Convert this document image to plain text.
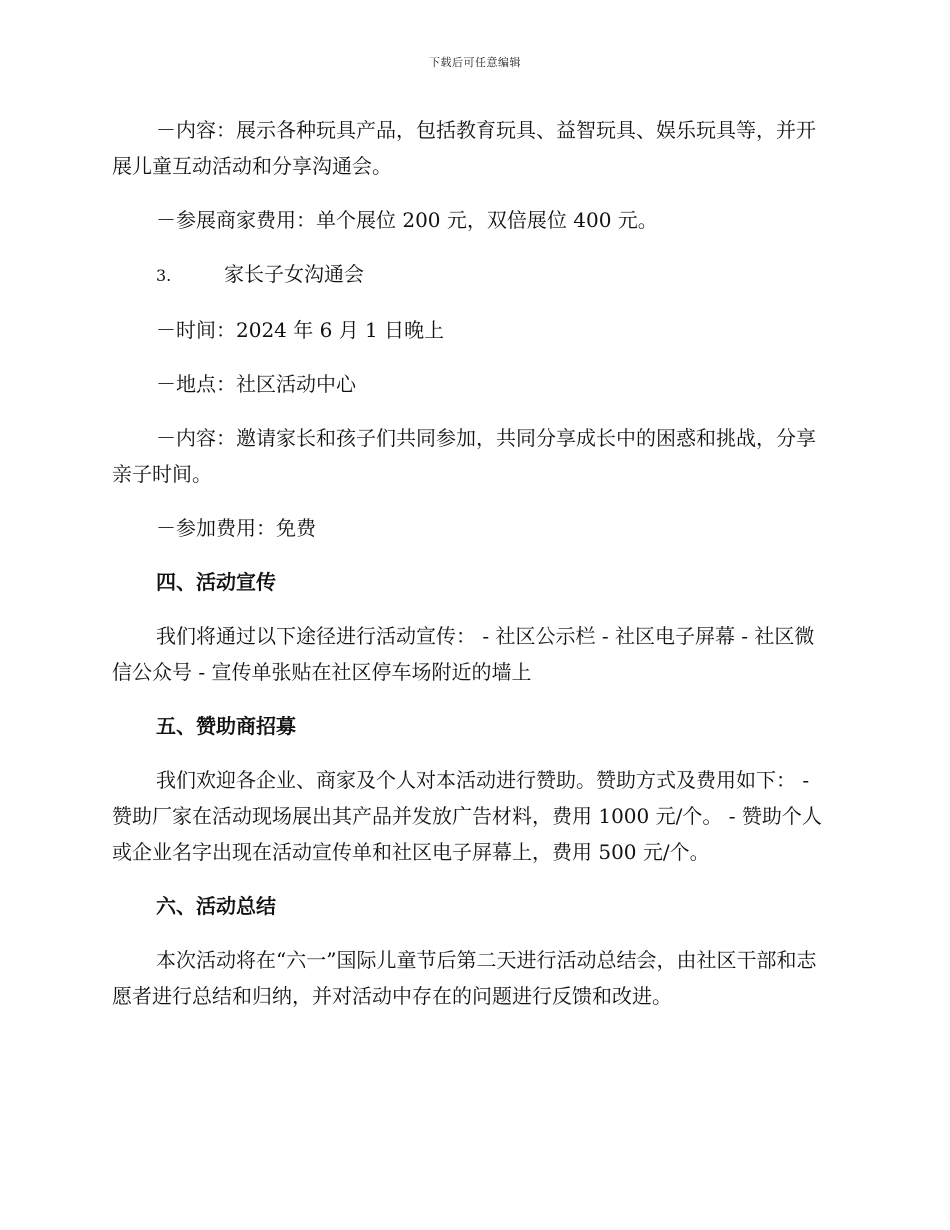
下载后可任意编辑

－内容：展示各种玩具产品，包括教育玩具、益智玩具、娱乐玩具等，并开展儿童互动活动和分享沟通会。

－参展商家费用：单个展位 200 元，双倍展位 400 元。

3.	家长子女沟通会

－时间：2024 年 6 月 1 日晚上

－地点：社区活动中心

－内容：邀请家长和孩子们共同参加，共同分享成长中的困惑和挑战，分享亲子时间。

－参加费用：免费

四、活动宣传

我们将通过以下途径进行活动宣传： - 社区公示栏 - 社区电子屏幕 - 社区微信公众号 - 宣传单张贴在社区停车场附近的墙上

五、赞助商招募

我们欢迎各企业、商家及个人对本活动进行赞助。赞助方式及费用如下： - 赞助厂家在活动现场展出其产品并发放广告材料，费用 1000 元/个。 - 赞助个人或企业名字出现在活动宣传单和社区电子屏幕上，费用 500 元/个。

六、活动总结

本次活动将在“六一”国际儿童节后第二天进行活动总结会，由社区干部和志愿者进行总结和归纳，并对活动中存在的问题进行反馈和改进。
